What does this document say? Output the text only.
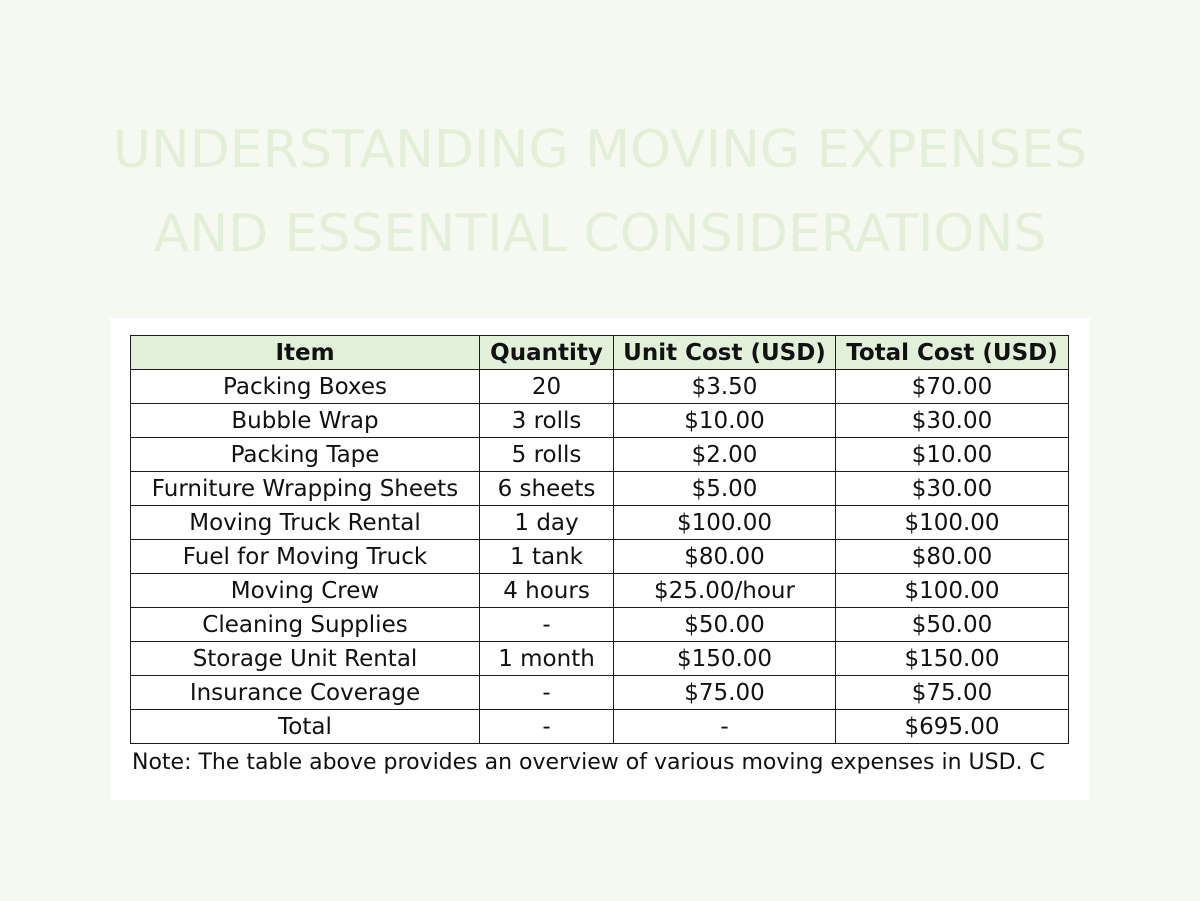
UNDERSTANDING MOVING EXPENSES
AND ESSENTIAL CONSIDERATIONS
Item	Quantity	Unit Cost (USD)	Total Cost (USD)
Packing Boxes	20	$3.50	$70.00
Bubble Wrap	3 rolls	$10.00	$30.00
Packing Tape	5 rolls	$2.00	$10.00
Furniture Wrapping Sheets	6 sheets	$5.00	$30.00
Moving Truck Rental	1 day	$100.00	$100.00
Fuel for Moving Truck	1 tank	$80.00	$80.00
Moving Crew	4 hours	$25.00/hour	$100.00
Cleaning Supplies	-	$50.00	$50.00
Storage Unit Rental	1 month	$150.00	$150.00
Insurance Coverage	-	$75.00	$75.00
Total	-	-	$695.00
Note: The table above provides an overview of various moving expenses in USD. C
